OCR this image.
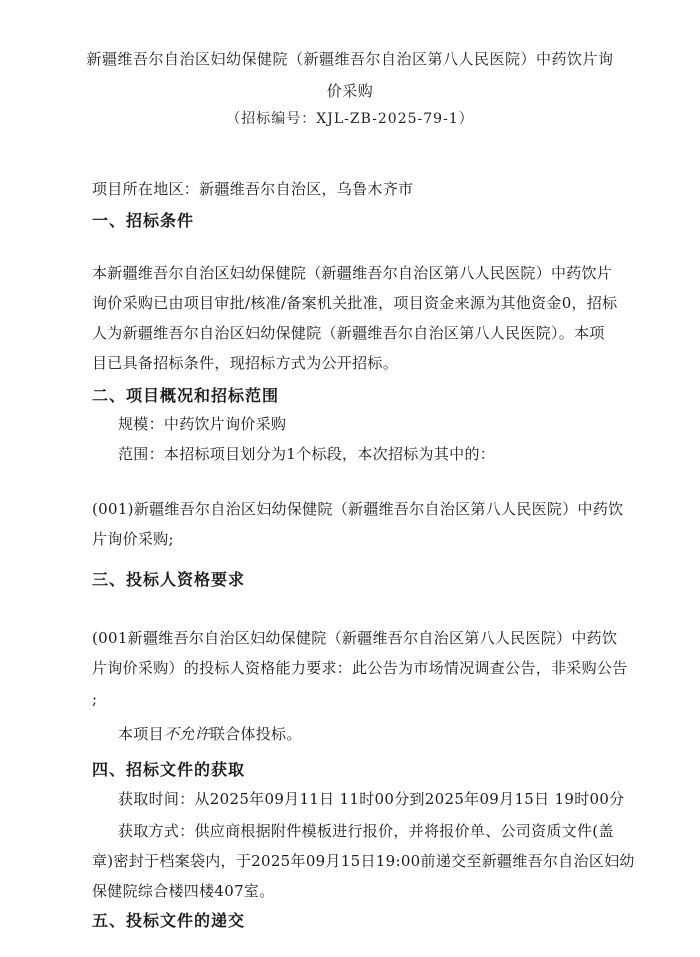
新疆维吾尔自治区妇幼保健院（新疆维吾尔自治区第八人民医院）中药饮片询
价采购
（招标编号：XJL-ZB-2025-79-1）
项目所在地区：新疆维吾尔自治区，乌鲁木齐市
一、招标条件
本新疆维吾尔自治区妇幼保健院（新疆维吾尔自治区第八人民医院）中药饮片
询价采购已由项目审批/核准/备案机关批准，项目资金来源为其他资金0，招标
人为新疆维吾尔自治区妇幼保健院（新疆维吾尔自治区第八人民医院）。本项
目已具备招标条件，现招标方式为公开招标。
二、项目概况和招标范围
规模：中药饮片询价采购
范围：本招标项目划分为1个标段，本次招标为其中的：
(001)新疆维吾尔自治区妇幼保健院（新疆维吾尔自治区第八人民医院）中药饮
片询价采购;
三、投标人资格要求
(001新疆维吾尔自治区妇幼保健院（新疆维吾尔自治区第八人民医院）中药饮
片询价采购）的投标人资格能力要求：此公告为市场情况调查公告，非采购公告
;
本项目不允许联合体投标。
四、招标文件的获取
获取时间：从2025年09月11日 11时00分到2025年09月15日 19时00分
获取方式：供应商根据附件模板进行报价，并将报价单、公司资质文件(盖
章)密封于档案袋内，于2025年09月15日19:00前递交至新疆维吾尔自治区妇幼
保健院综合楼四楼407室。
五、投标文件的递交
